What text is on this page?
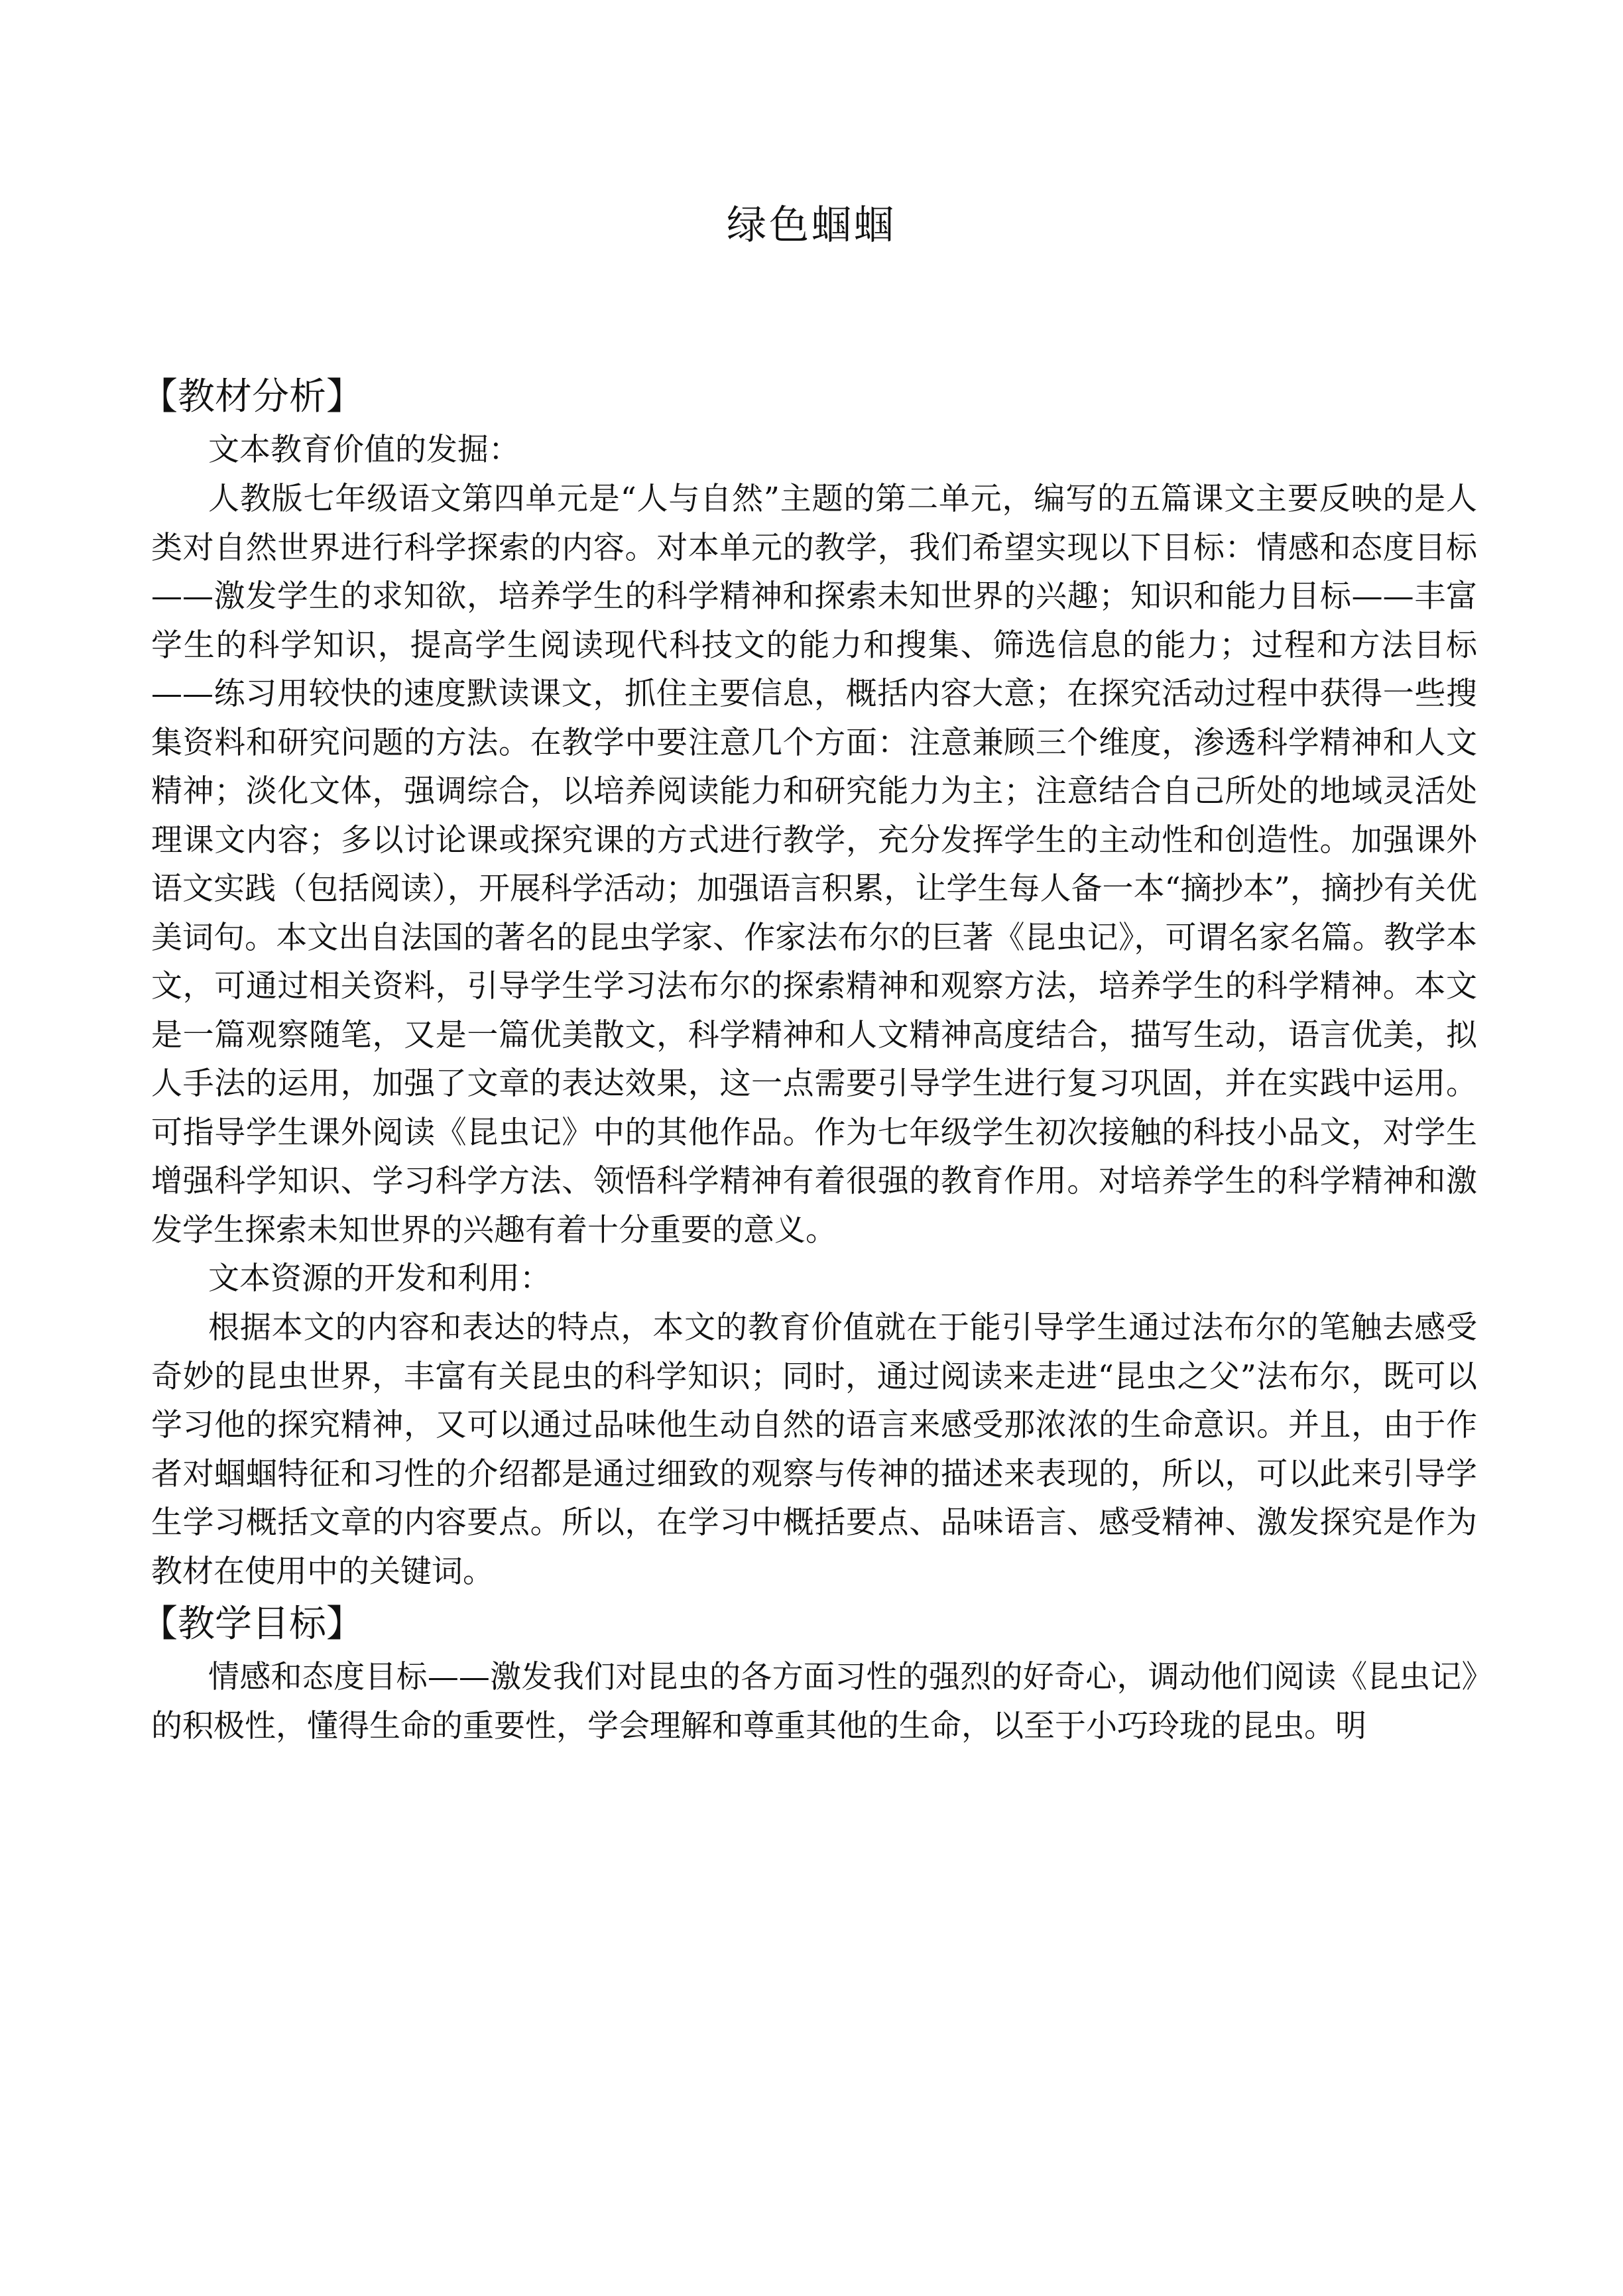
绿色蝈蝈
【教材分析】

文本教育价值的发掘：

人教版七年级语文第四单元是“人与自然”主题的第二单元，编写的五篇课文主要反映的是人类对自然世界进行科学探索的内容。对本单元的教学，我们希望实现以下目标：情感和态度目标——激发学生的求知欲，培养学生的科学精神和探索未知世界的兴趣；知识和能力目标——丰富学生的科学知识，提高学生阅读现代科技文的能力和搜集、筛选信息的能力；过程和方法目标——练习用较快的速度默读课文，抓住主要信息，概括内容大意；在探究活动过程中获得一些搜集资料和研究问题的方法。在教学中要注意几个方面：注意兼顾三个维度，渗透科学精神和人文精神；淡化文体，强调综合，以培养阅读能力和研究能力为主；注意结合自己所处的地域灵活处理课文内容；多以讨论课或探究课的方式进行教学，充分发挥学生的主动性和创造性。加强课外语文实践（包括阅读），开展科学活动；加强语言积累，让学生每人备一本“摘抄本”，摘抄有关优美词句。本文出自法国的著名的昆虫学家、作家法布尔的巨著《昆虫记》，可谓名家名篇。教学本文，可通过相关资料，引导学生学习法布尔的探索精神和观察方法，培养学生的科学精神。本文是一篇观察随笔，又是一篇优美散文，科学精神和人文精神高度结合，描写生动，语言优美，拟人手法的运用，加强了文章的表达效果，这一点需要引导学生进行复习巩固，并在实践中运用。可指导学生课外阅读《昆虫记》中的其他作品。作为七年级学生初次接触的科技小品文，对学生增强科学知识、学习科学方法、领悟科学精神有着很强的教育作用。对培养学生的科学精神和激发学生探索未知世界的兴趣有着十分重要的意义。

文本资源的开发和利用：

根据本文的内容和表达的特点，本文的教育价值就在于能引导学生通过法布尔的笔触去感受奇妙的昆虫世界，丰富有关昆虫的科学知识；同时，通过阅读来走进“昆虫之父”法布尔，既可以学习他的探究精神，又可以通过品味他生动自然的语言来感受那浓浓的生命意识。并且，由于作者对蝈蝈特征和习性的介绍都是通过细致的观察与传神的描述来表现的，所以，可以此来引导学生学习概括文章的内容要点。所以，在学习中概括要点、品味语言、感受精神、激发探究是作为教材在使用中的关键词。

【教学目标】

情感和态度目标——激发我们对昆虫的各方面习性的强烈的好奇心，调动他们阅读《昆虫记》的积极性，懂得生命的重要性，学会理解和尊重其他的生命，以至于小巧玲珑的昆虫。明
